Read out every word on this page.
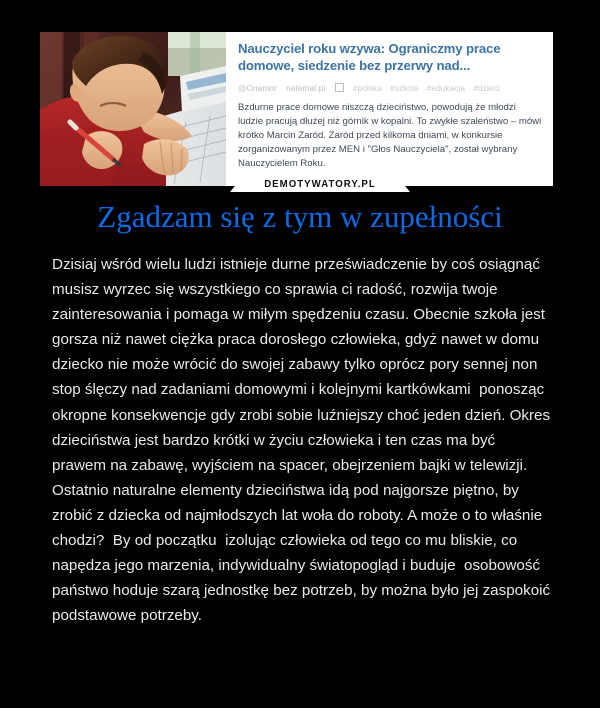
Nauczyciel roku wzywa: Ograniczmy prace domowe, siedzenie bez przerwy nad...
@Onamor natemat.pl	#polska #szkola #edukacja #dzieci

Bzdurne prace domowe niszczą dzieciństwo, powodują że młodzi ludzie pracują dłużej niż górnik w kopalni. To zwykłe szaleństwo – mówi krótko Marcin Zaród. Zaród przed kilkoma dniami, w konkursie zorganizowanym przez MEN i "Głos Nauczyciela", został wybrany Nauczycielem Roku.

DEMOTYWATORY.PL
Zgadzam się z tym w zupełności
Dzisiaj wśród wielu ludzi istnieje durne przeświadczenie by coś osiągnąć musisz wyrzec się wszystkiego co sprawia ci radość, rozwija twoje zainteresowania i pomaga w miłym spędzeniu czasu. Obecnie szkoła jest gorsza niż nawet ciężka praca dorosłego człowieka, gdyż nawet w domu dziecko nie może wrócić do swojej zabawy tylko oprócz pory sennej non stop ślęczy nad zadaniami domowymi i kolejnymi kartkówkami  ponosząc okropne konsekwencje gdy zrobi sobie luźniejszy choć jeden dzień. Okres dzieciństwa jest bardzo krótki w życiu człowieka i ten czas ma być prawem na zabawę, wyjściem na spacer, obejrzeniem bajki w telewizji. Ostatnio naturalne elementy dzieciństwa idą pod najgorsze piętno, by zrobić z dziecka od najmłodszych lat woła do roboty. A może o to właśnie chodzi?  By od początku  izolując człowieka od tego co mu bliskie, co napędza jego marzenia, indywidualny światopogląd i buduje  osobowość państwo hoduje szarą jednostkę bez potrzeb, by można było jej zaspokoić podstawowe potrzeby.
